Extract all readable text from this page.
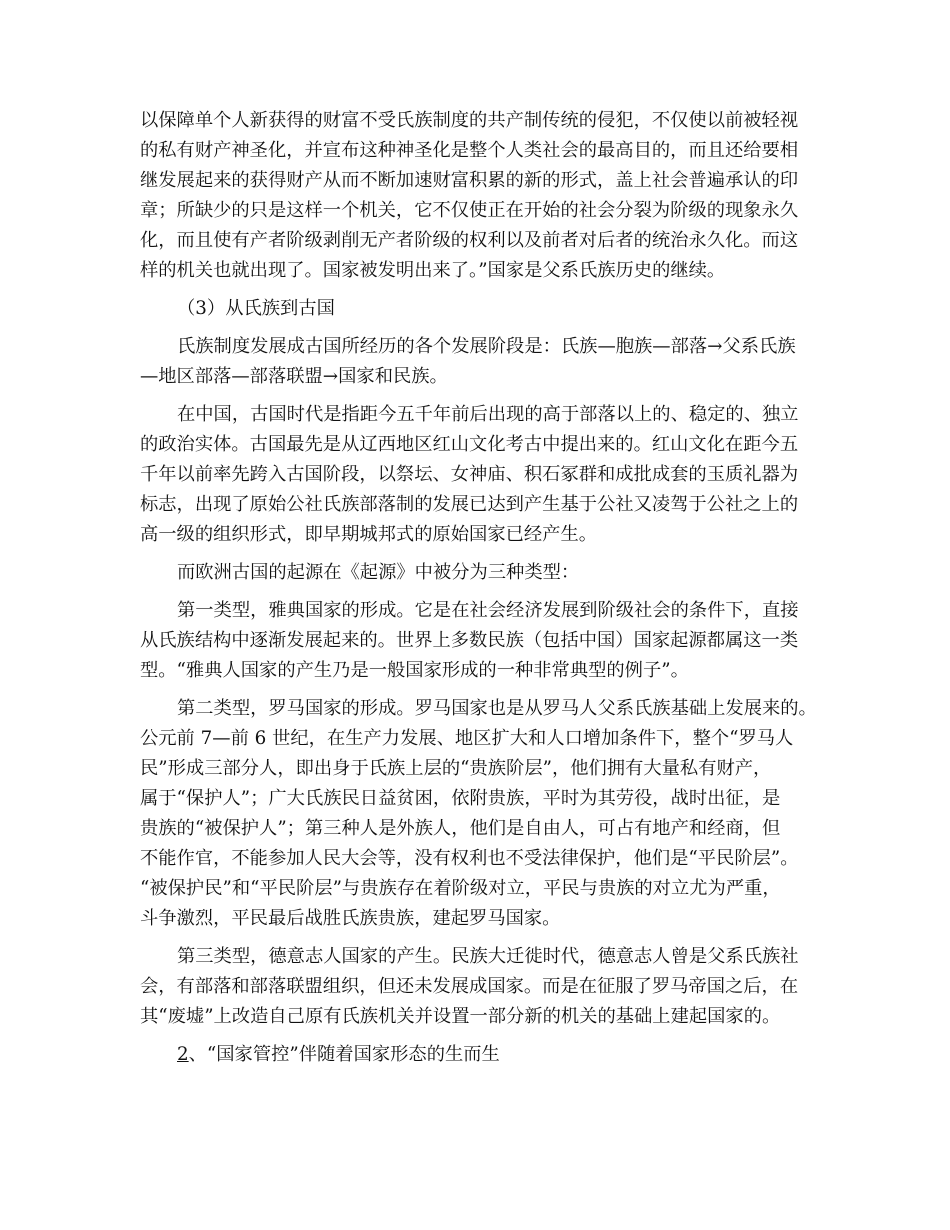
以保障单个人新获得的财富不受氏族制度的共产制传统的侵犯，不仅使以前被轻视
的私有财产神圣化，并宣布这种神圣化是整个人类社会的最高目的，而且还给要相
继发展起来的获得财产从而不断加速财富积累的新的形式，盖上社会普遍承认的印
章；所缺少的只是这样一个机关，它不仅使正在开始的社会分裂为阶级的现象永久
化，而且使有产者阶级剥削无产者阶级的权利以及前者对后者的统治永久化。而这
样的机关也就出现了。国家被发明出来了。”国家是父系氏族历史的继续。
（3）从氏族到古国
氏族制度发展成古国所经历的各个发展阶段是：氏族—胞族—部落→父系氏族
—地区部落—部落联盟→国家和民族。
在中国，古国时代是指距今五千年前后出现的高于部落以上的、稳定的、独立
的政治实体。古国最先是从辽西地区红山文化考古中提出来的。红山文化在距今五
千年以前率先跨入古国阶段，以祭坛、女神庙、积石冢群和成批成套的玉质礼器为
标志，出现了原始公社氏族部落制的发展已达到产生基于公社又凌驾于公社之上的
高一级的组织形式，即早期城邦式的原始国家已经产生。
而欧洲古国的起源在《起源》中被分为三种类型：
第一类型，雅典国家的形成。它是在社会经济发展到阶级社会的条件下，直接
从氏族结构中逐渐发展起来的。世界上多数民族（包括中国）国家起源都属这一类
型。“雅典人国家的产生乃是一般国家形成的一种非常典型的例子”。
第二类型，罗马国家的形成。罗马国家也是从罗马人父系氏族基础上发展来的。
公元前 7—前 6 世纪，在生产力发展、地区扩大和人口增加条件下，整个“罗马人
民”形成三部分人，即出身于氏族上层的“贵族阶层”，他们拥有大量私有财产，
属于“保护人”；广大氏族民日益贫困，依附贵族，平时为其劳役，战时出征，是
贵族的“被保护人”；第三种人是外族人，他们是自由人，可占有地产和经商，但
不能作官，不能参加人民大会等，没有权利也不受法律保护，他们是“平民阶层”。
“被保护民”和“平民阶层”与贵族存在着阶级对立，平民与贵族的对立尤为严重，
斗争激烈，平民最后战胜氏族贵族，建起罗马国家。
第三类型，德意志人国家的产生。民族大迁徙时代，德意志人曾是父系氏族社
会，有部落和部落联盟组织，但还未发展成国家。而是在征服了罗马帝国之后，在
其“废墟”上改造自己原有氏族机关并设置一部分新的机关的基础上建起国家的。
2、“国家管控”伴随着国家形态的生而生
